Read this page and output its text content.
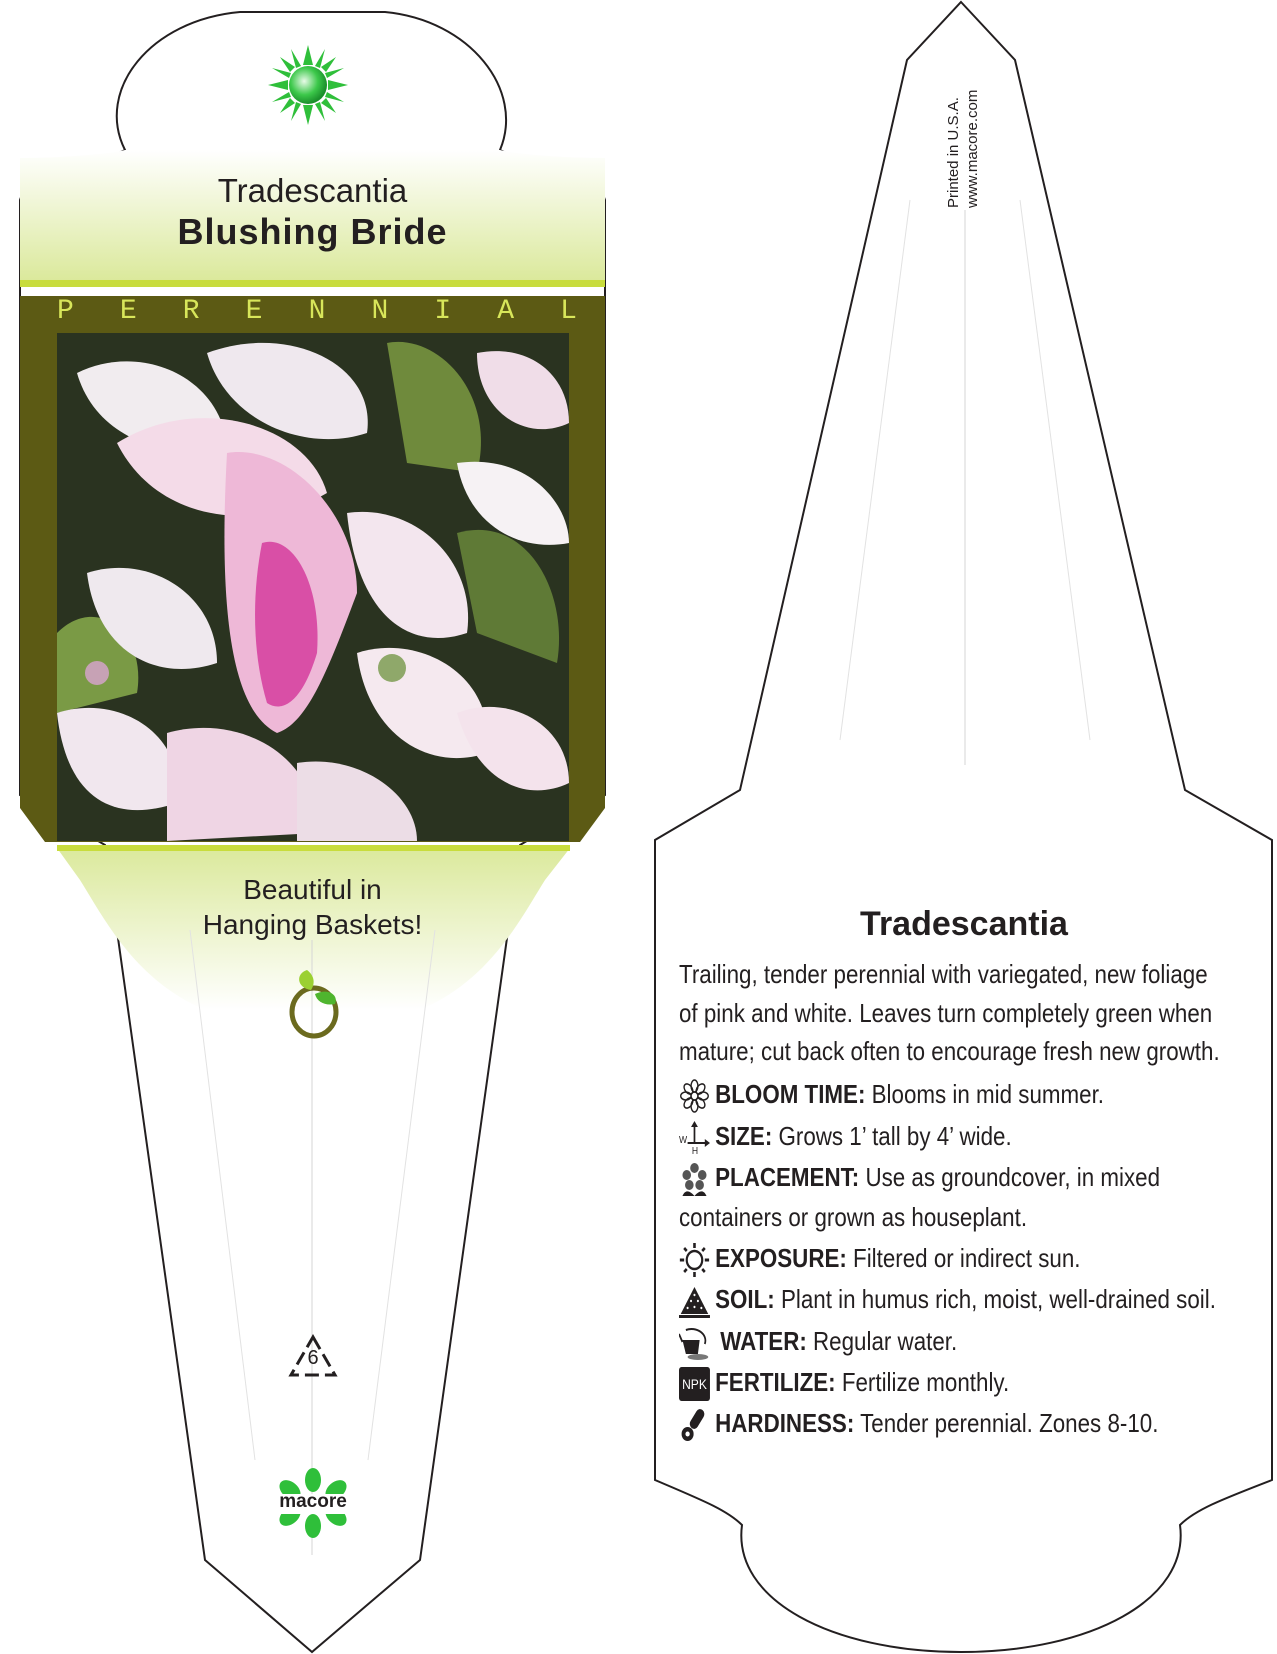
Tradescantia
Blushing Bride
P E R E N N I A L
Beautiful in
Hanging Baskets!
6
macore
Printed in U.S.A. www.macore.com
Tradescantia
Trailing, tender perennial with variegated, new foliage
of pink and white. Leaves turn completely green when
mature; cut back often to encourage fresh new growth.
BLOOM TIME: Blooms in mid summer.
W
H SIZE: Grows 1’ tall by 4’ wide.
PLACEMENT: Use as groundcover, in mixed
containers or grown as houseplant.
EXPOSURE: Filtered or indirect sun.
SOIL: Plant in humus rich, moist, well-drained soil.
WATER: Regular water.
NPK FERTILIZE: Fertilize monthly.
HARDINESS: Tender perennial. Zones 8-10.
